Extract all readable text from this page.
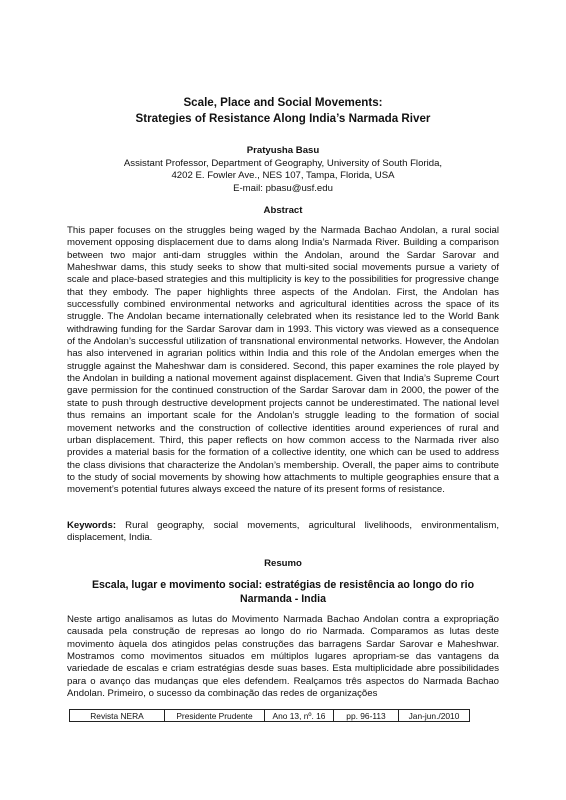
Scale, Place and Social Movements:
Strategies of Resistance Along India’s Narmada River
Pratyusha Basu
Assistant Professor, Department of Geography, University of South Florida,
4202 E. Fowler Ave., NES 107, Tampa, Florida, USA
E-mail: pbasu@usf.edu
Abstract

This paper focuses on the struggles being waged by the Narmada Bachao Andolan, a rural social movement opposing displacement due to dams along India’s Narmada River. Building a comparison between two major anti-dam struggles within the Andolan, around the Sardar Sarovar and Maheshwar dams, this study seeks to show that multi-sited social movements pursue a variety of scale and place-based strategies and this multiplicity is key to the possibilities for progressive change that they embody. The paper highlights three aspects of the Andolan. First, the Andolan has successfully combined environmental networks and agricultural identities across the space of its struggle. The Andolan became internationally celebrated when its resistance led to the World Bank withdrawing funding for the Sardar Sarovar dam in 1993. This victory was viewed as a consequence of the Andolan’s successful utilization of transnational environmental networks. However, the Andolan has also intervened in agrarian politics within India and this role of the Andolan emerges when the struggle against the Maheshwar dam is considered. Second, this paper examines the role played by the Andolan in building a national movement against displacement. Given that India’s Supreme Court gave permission for the continued construction of the Sardar Sarovar dam in 2000, the power of the state to push through destructive development projects cannot be underestimated. The national level thus remains an important scale for the Andolan’s struggle leading to the formation of social movement networks and the construction of collective identities around experiences of rural and urban displacement. Third, this paper reflects on how common access to the Narmada river also provides a material basis for the formation of a collective identity, one which can be used to address the class divisions that characterize the Andolan’s membership. Overall, the paper aims to contribute to the study of social movements by showing how attachments to multiple geographies ensure that a movement’s potential futures always exceed the nature of its present forms of resistance.

Keywords: Rural geography, social movements, agricultural livelihoods, environmentalism, displacement, India.

Resumo
Escala, lugar e movimento social: estratégias de resistência ao longo do rio
Narmanda - India

Neste artigo analisamos as lutas do Movimento Narmada Bachao Andolan contra a expropriação causada pela construção de represas ao longo do rio Narmada. Comparamos as lutas deste movimento àquela dos atingidos pelas construções das barragens Sardar Sarovar e Maheshwar. Mostramos como movimentos situados em múltiplos lugares apropriam-se das vantagens da variedade de escalas e criam estratégias desde suas bases. Esta multiplicidade abre possibilidades para o avanço das mudanças que eles defendem. Realçamos três aspectos do Narmada Bachao Andolan. Primeiro, o sucesso da combinação das redes de organizações

Revista NERA	Presidente Prudente	Ano 13, nº. 16	pp. 96-113	Jan-jun./2010
